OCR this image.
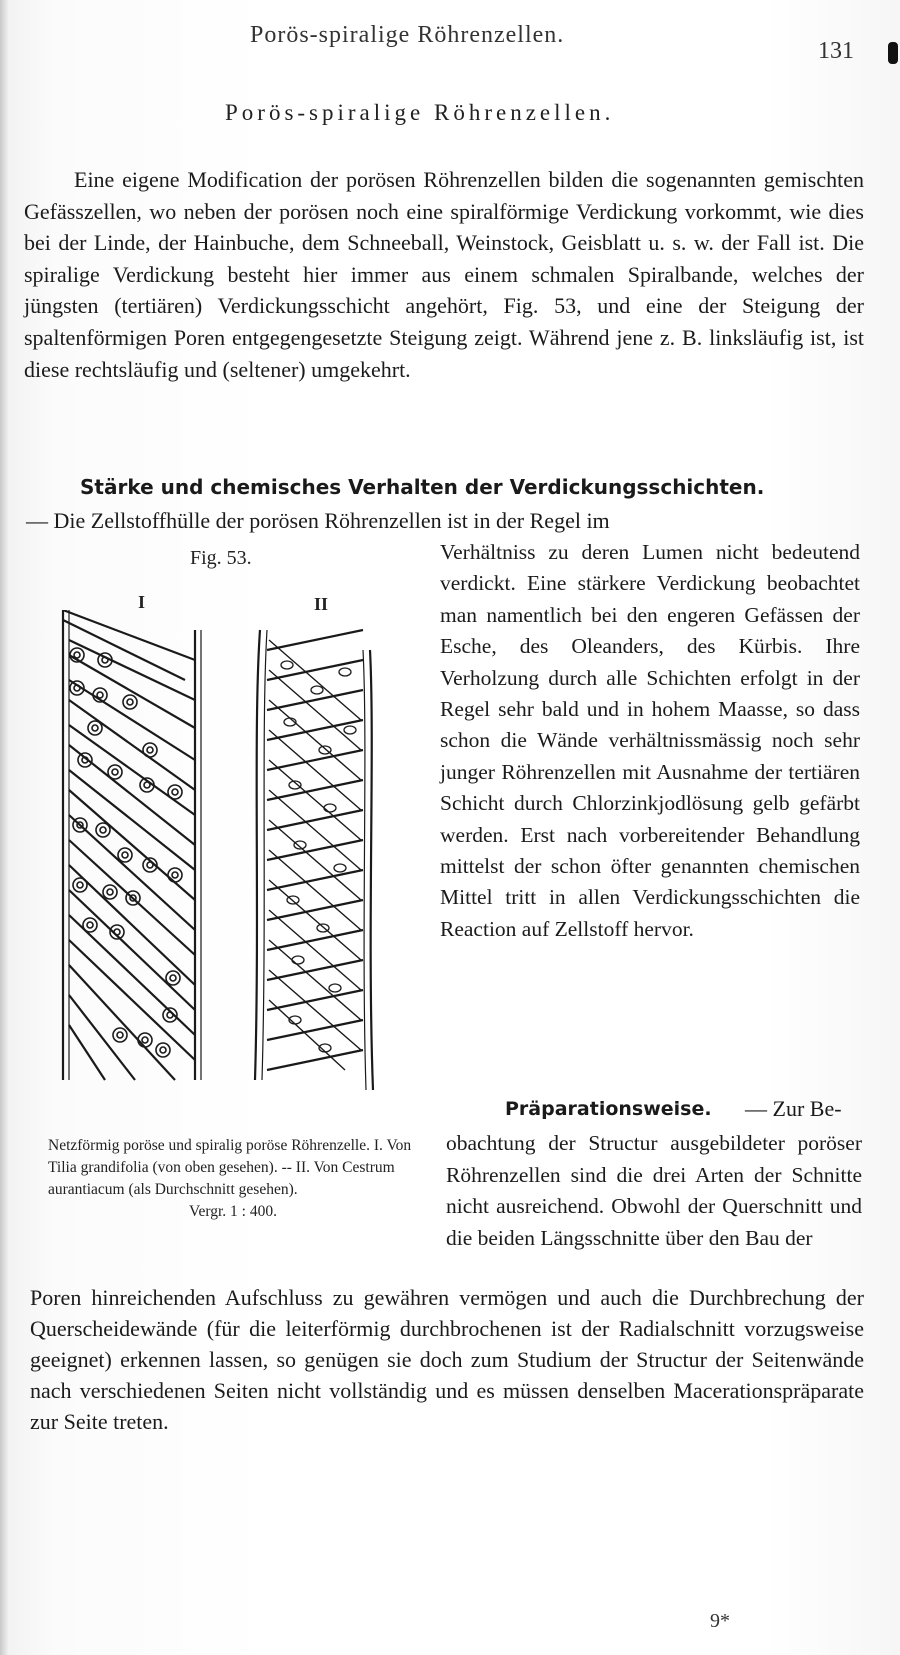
Porös-spiralige Röhrenzellen.
131
Porös-spiralige Röhrenzellen.

Eine eigene Modification der porösen Röhrenzellen bilden die sogenannten gemischten Gefässzellen, wo neben der porösen noch eine spiralförmige Verdickung vorkommt, wie dies bei der Linde, der Hainbuche, dem Schneeball, Weinstock, Geisblatt u. s. w. der Fall ist. Die spiralige Verdickung besteht hier immer aus einem schmalen Spiralbande, welches der jüngsten (tertiären) Verdickungsschicht angehört, Fig. 53, und eine der Steigung der spaltenförmigen Poren entgegengesetzte Steigung zeigt. Während jene z. B. linksläufig ist, ist diese rechtsläufig und (seltener) umgekehrt.

Stärke und chemisches Verhalten der Verdickungsschichten.
— Die Zellstoffhülle der porösen Röhrenzellen ist in der Regel im
Verhältniss zu deren Lumen nicht bedeutend verdickt. Eine stärkere Verdickung beobachtet man namentlich bei den engeren Gefässen der Esche, des Oleanders, des Kürbis. Ihre Verholzung durch alle Schichten erfolgt in der Regel sehr bald und in hohem Maasse, so dass schon die Wände verhältnissmässig noch sehr junger Röhrenzellen mit Ausnahme der tertiären Schicht durch Chlorzinkjodlösung gelb gefärbt werden. Erst nach vorbereitender Behandlung mittelst der schon öfter genannten chemischen Mittel tritt in allen Verdickungsschichten die Reaction auf Zellstoff hervor.
Fig. 53.
I	II
Netzförmig poröse und spiralig poröse Röhrenzelle. I. Von Tilia grandifolia (von oben gesehen). -- II. Von Cestrum aurantiacum (als Durchschnitt gesehen).
Vergr. 1 : 400.
Präparationsweise. — Zur Be-
obachtung der Structur ausgebildeter poröser Röhrenzellen sind die drei Arten der Schnitte nicht ausreichend. Obwohl der Querschnitt und die beiden Längsschnitte über den Bau der
Poren hinreichenden Aufschluss zu gewähren vermögen und auch die Durchbrechung der Querscheidewände (für die leiterförmig durchbrochenen ist der Radialschnitt vorzugsweise geeignet) erkennen lassen, so genügen sie doch zum Studium der Structur der Seitenwände nach verschiedenen Seiten nicht vollständig und es müssen denselben Macerationspräparate zur Seite treten.
9*
